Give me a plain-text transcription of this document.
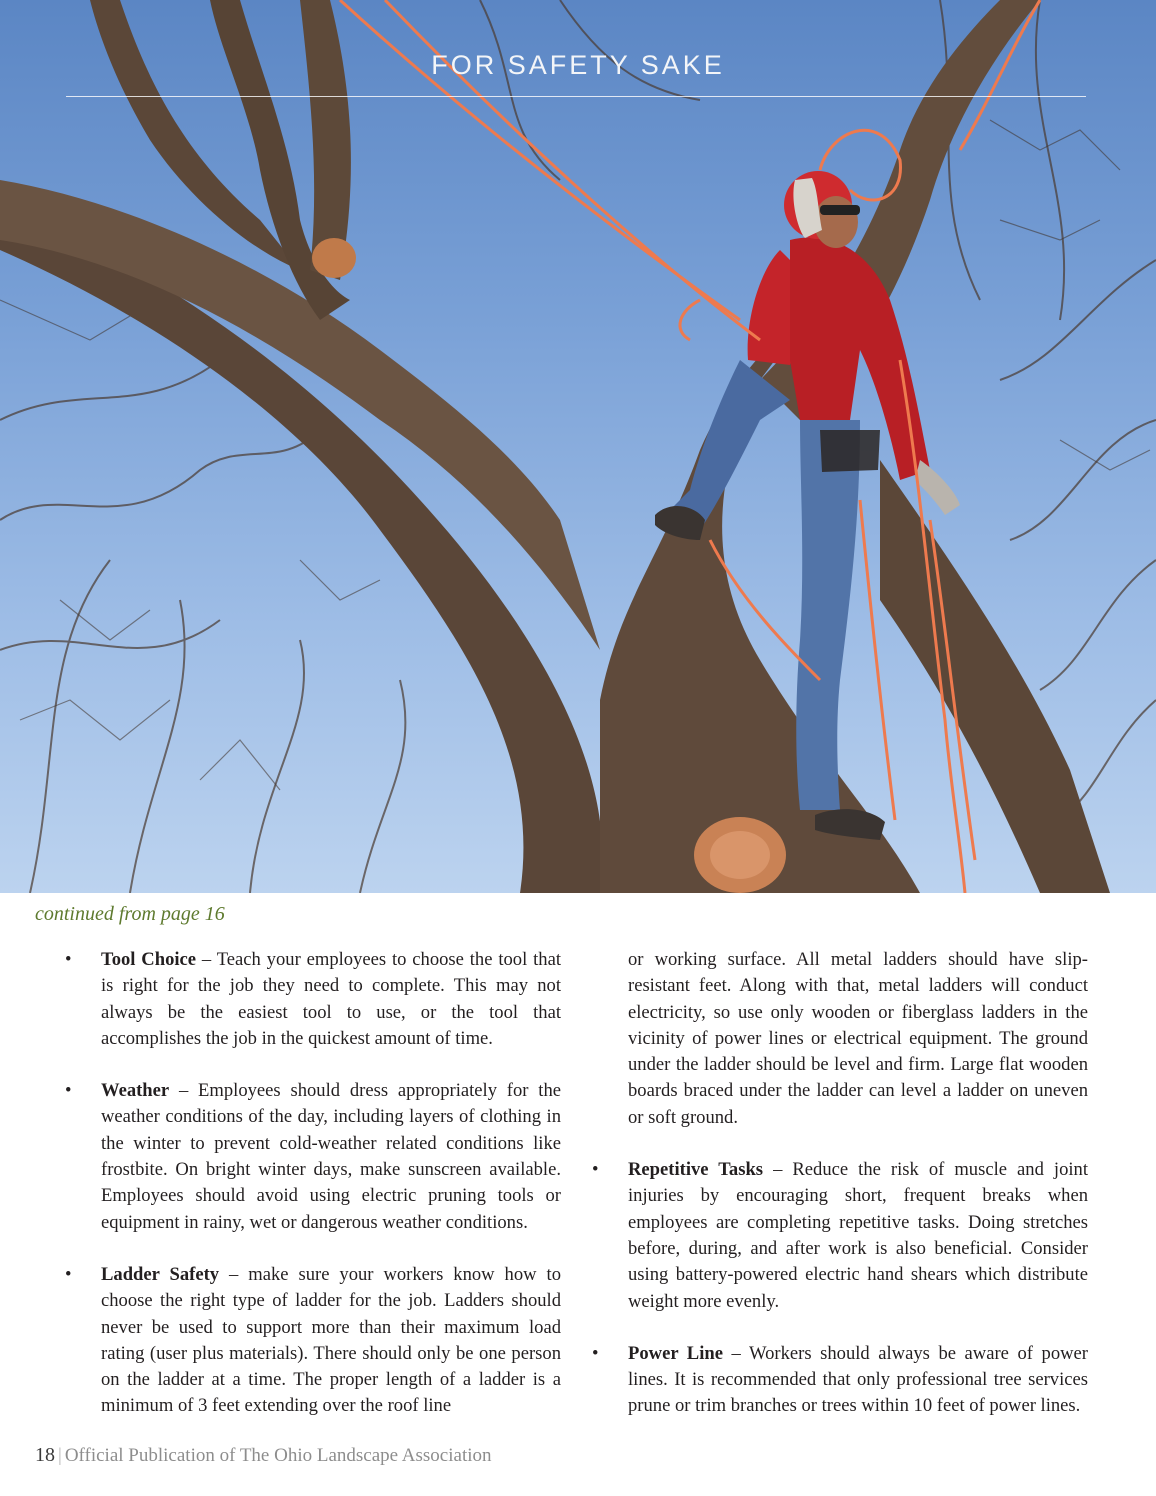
FOR SAFETY SAKE
continued from page 16
• Tool Choice – Teach your employees to choose the tool that is right for the job they need to complete. This may not always be the easiest tool to use, or the tool that accomplishes the job in the quickest amount of time.
• Weather – Employees should dress appropriately for the weather conditions of the day, including layers of clothing in the winter to prevent cold-weather related conditions like frostbite. On bright winter days, make sunscreen available. Employees should avoid using electric pruning tools or equipment in rainy, wet or dangerous weather conditions.
• Ladder Safety – make sure your workers know how to choose the right type of ladder for the job. Ladders should never be used to support more than their maximum load rating (user plus materials). There should only be one person on the ladder at a time. The proper length of a ladder is a minimum of 3 feet extending over the roof line
or working surface. All metal ladders should have slip-resistant feet. Along with that, metal ladders will conduct electricity, so use only wooden or fiberglass ladders in the vicinity of power lines or electrical equipment. The ground under the ladder should be level and firm. Large flat wooden boards braced under the ladder can level a ladder on uneven or soft ground.
• Repetitive Tasks – Reduce the risk of muscle and joint injuries by encouraging short, frequent breaks when employees are completing repetitive tasks. Doing stretches before, during, and after work is also beneficial. Consider using battery-powered electric hand shears which distribute weight more evenly.
• Power Line – Workers should always be aware of power lines. It is recommended that only professional tree services prune or trim branches or trees within 10 feet of power lines.
18 | Official Publication of The Ohio Landscape Association
